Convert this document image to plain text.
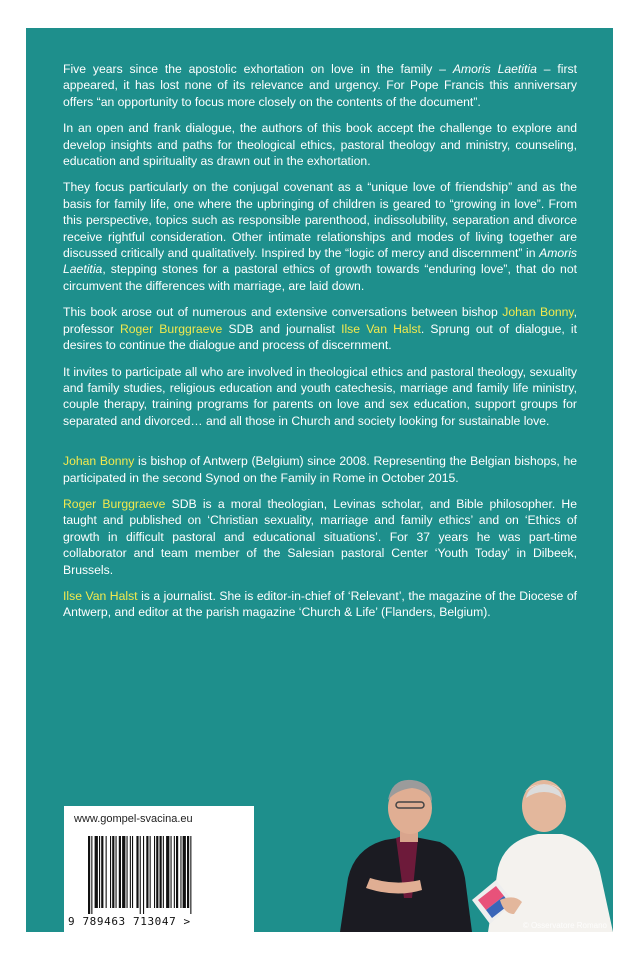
Five years since the apostolic exhortation on love in the family – Amoris Laetitia – first appeared, it has lost none of its relevance and urgency. For Pope Francis this anniversary offers “an opportunity to focus more closely on the contents of the document”.

In an open and frank dialogue, the authors of this book accept the challenge to explore and develop insights and paths for theological ethics, pastoral theology and ministry, counseling, education and spirituality as drawn out in the exhortation.

They focus particularly on the conjugal covenant as a “unique love of friendship” and as the basis for family life, one where the upbringing of children is geared to “growing in love”. From this perspective, topics such as responsible parenthood, indissolubility, separation and divorce receive rightful consideration. Other intimate relationships and modes of living together are discussed critically and qualitatively. Inspired by the “logic of mercy and discernment” in Amoris Laetitia, stepping stones for a pastoral ethics of growth towards “enduring love”, that do not circumvent the differences with marriage, are laid down.

This book arose out of numerous and extensive conversations between bishop Johan Bonny, professor Roger Burggraeve SDB and journalist Ilse Van Halst. Sprung out of dialogue, it desires to continue the dialogue and process of discernment.

It invites to participate all who are involved in theological ethics and pastoral theology, sexuality and family studies, religious education and youth catechesis, marriage and family life ministry, couple therapy, training programs for parents on love and sex education, support groups for separated and divorced… and all those in Church and society looking for sustainable love.

Johan Bonny is bishop of Antwerp (Belgium) since 2008. Representing the Belgian bishops, he participated in the second Synod on the Family in Rome in October 2015.

Roger Burggraeve SDB is a moral theologian, Levinas scholar, and Bible philosopher. He taught and published on ‘Christian sexuality, marriage and family ethics’ and on ‘Ethics of growth in difficult pastoral and educational situations’. For 37 years he was part-time collaborator and team member of the Salesian pastoral Center ‘Youth Today’ in Dilbeek, Brussels.

Ilse Van Halst is a journalist. She is editor-in-chief of ‘Relevant’, the magazine of the Diocese of Antwerp, and editor at the parish magazine ‘Church & Life’ (Flanders, Belgium).

© Osservatore Romano
www.gompel-svacina.eu
9 789463 713047 >
